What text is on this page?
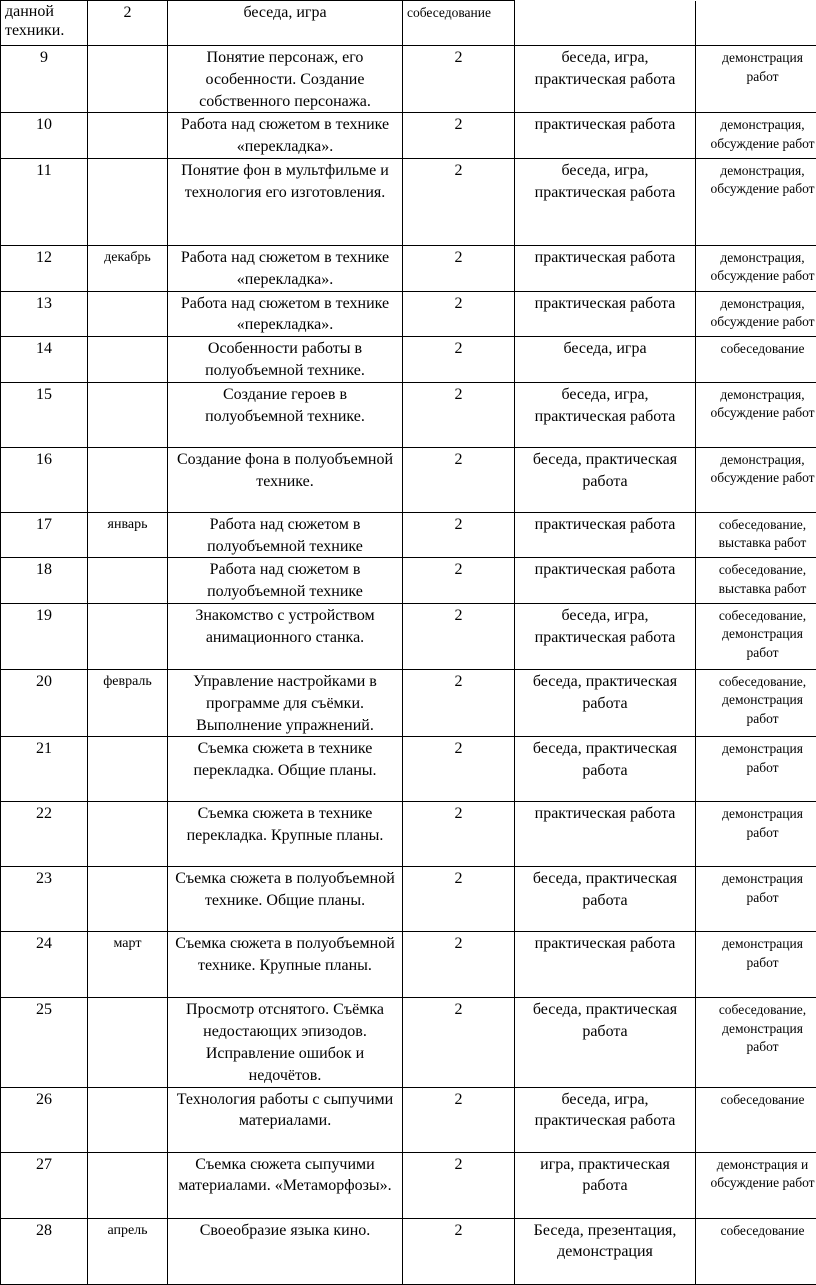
данной техники.	2	беседа, игра	собеседование		
9		Понятие персонаж, его особенности. Создание собственного персонажа.	2	беседа, игра, практическая работа	демонстрация
работ
10		Работа над сюжетом в технике «перекладка».	2	практическая работа	демонстрация,
обсуждение работ
11		Понятие фон в мультфильме и технология его изготовления.	2	беседа, игра, практическая работа	демонстрация,
обсуждение работ
12	декабрь	Работа над сюжетом в технике «перекладка».	2	практическая работа	демонстрация,
обсуждение работ
13		Работа над сюжетом в технике «перекладка».	2	практическая работа	демонстрация,
обсуждение работ
14		Особенности работы в полуобъемной технике.	2	беседа, игра	собеседование
15		Создание героев в полуобъемной технике.	2	беседа, игра, практическая работа	демонстрация,
обсуждение работ
16		Создание фона в полуобъемной технике.	2	беседа, практическая работа	демонстрация,
обсуждение работ
17	январь	Работа над сюжетом в полуобъемной технике	2	практическая работа	собеседование,
выставка работ
18		Работа над сюжетом в полуобъемной технике	2	практическая работа	собеседование,
выставка работ
19		Знакомство с устройством анимационного станка.	2	беседа, игра, практическая работа	собеседование,
демонстрация
работ
20	февраль	Управление настройками в программе для съёмки. Выполнение упражнений.	2	беседа, практическая работа	собеседование,
демонстрация
работ
21		Съемка сюжета в технике перекладка. Общие планы.	2	беседа, практическая работа	демонстрация
работ
22		Съемка сюжета в технике перекладка. Крупные планы.	2	практическая работа	демонстрация
работ
23		Съемка сюжета в полуобъемной технике. Общие планы.	2	беседа, практическая работа	демонстрация
работ
24	март	Съемка сюжета в полуобъемной технике. Крупные планы.	2	практическая работа	демонстрация
работ
25		Просмотр отснятого. Съёмка недостающих эпизодов. Исправление ошибок и недочётов.	2	беседа, практическая работа	собеседование,
демонстрация
работ
26		Технология работы с сыпучими материалами.	2	беседа, игра, практическая работа	собеседование
27		Съемка сюжета сыпучими материалами. «Метаморфозы».	2	игра, практическая работа	демонстрация и
обсуждение работ
28	апрель	Своеобразие языка кино.	2	Беседа, презентация, демонстрация	собеседование
